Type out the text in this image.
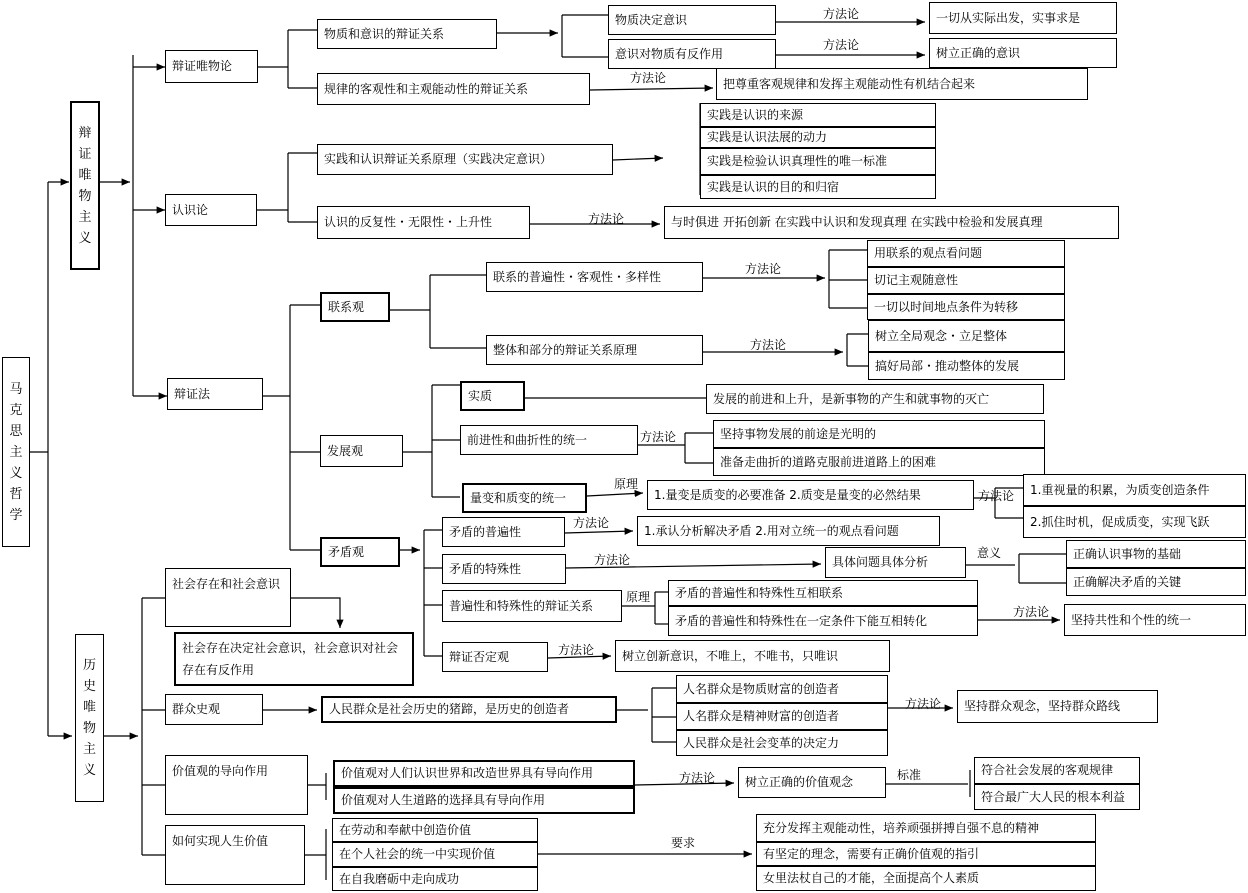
马克思主义哲学
辩证唯物主义
辩证唯物论
物质和意识的辩证关系
物质决定意识
意识对物质有反作用
一切从实际出发，实事求是
树立正确的意识
规律的客观性和主观能动性的辩证关系	把尊重客观规律和发挥主观能动性有机结合起来
方法论
方法论
方法论
认识论
实践和认识辩证关系原理（实践决定意识）
实践是认识的来源
实践是认识法展的动力
实践是检验认识真理性的唯一标准
实践是认识的目的和归宿
认识的反复性・无限性・上升性	与时俱进 开拓创新 在实践中认识和发现真理 在实践中检验和发展真理
方法论
辩证法
联系观
联系的普遍性・客观性・多样性
用联系的观点看问题
切记主观随意性
一切以时间地点条件为转移
整体和部分的辩证关系原理
树立全局观念・立足整体
搞好局部・推动整体的发展
方法论
方法论
发展观
实质	发展的前进和上升，是新事物的产生和就事物的灭亡
前进性和曲折性的统一	坚持事物发展的前途是光明的
准备走曲折的道路克服前进道路上的困难
量变和质变的统一	1.量变是质变的必要准备 2.质变是量变的必然结果	1.重视量的积累，为质变创造条件
2.抓住时机，促成质变，实现飞跃
方法论
原理
方法论
矛盾观
矛盾的普遍性	1.承认分析解决矛盾 2.用对立统一的观点看问题
矛盾的特殊性	具体问题具体分析
正确认识事物的基础
正确解决矛盾的关键
普遍性和特殊性的辩证关系
矛盾的普遍性和特殊性互相联系
矛盾的普遍性和特殊性在一定条件下能互相转化	坚持共性和个性的统一
辩证否定观	树立创新意识，不唯上，不唯书，只唯识
方法论
方法论	意义
原理
方法论
方法论
历史唯物主义
社会存在和社会意识
社会存在决定社会意识，社会意识对社会存在有反作用
群众史观	人民群众是社会历史的猪蹄，是历史的创造者
人名群众是物质财富的创造者
人名群众是精神财富的创造者
人民群众是社会变革的决定力
坚持群众观念，坚持群众路线
方法论
价值观的导向作用	价值观对人们认识世界和改造世界具有导向作用
价值观对人生道路的选择具有导向作用
树立正确的价值观念
符合社会发展的客观规律
符合最广大人民的根本利益
方法论	标准
如何实现人生价值
在劳动和奉献中创造价值
在个人社会的统一中实现价值
在自我磨砺中走向成功
充分发挥主观能动性，培养顽强拼搏自强不息的精神
有坚定的理念，需要有正确价值观的指引
女里法杖自己的才能，全面提高个人素质
要求
